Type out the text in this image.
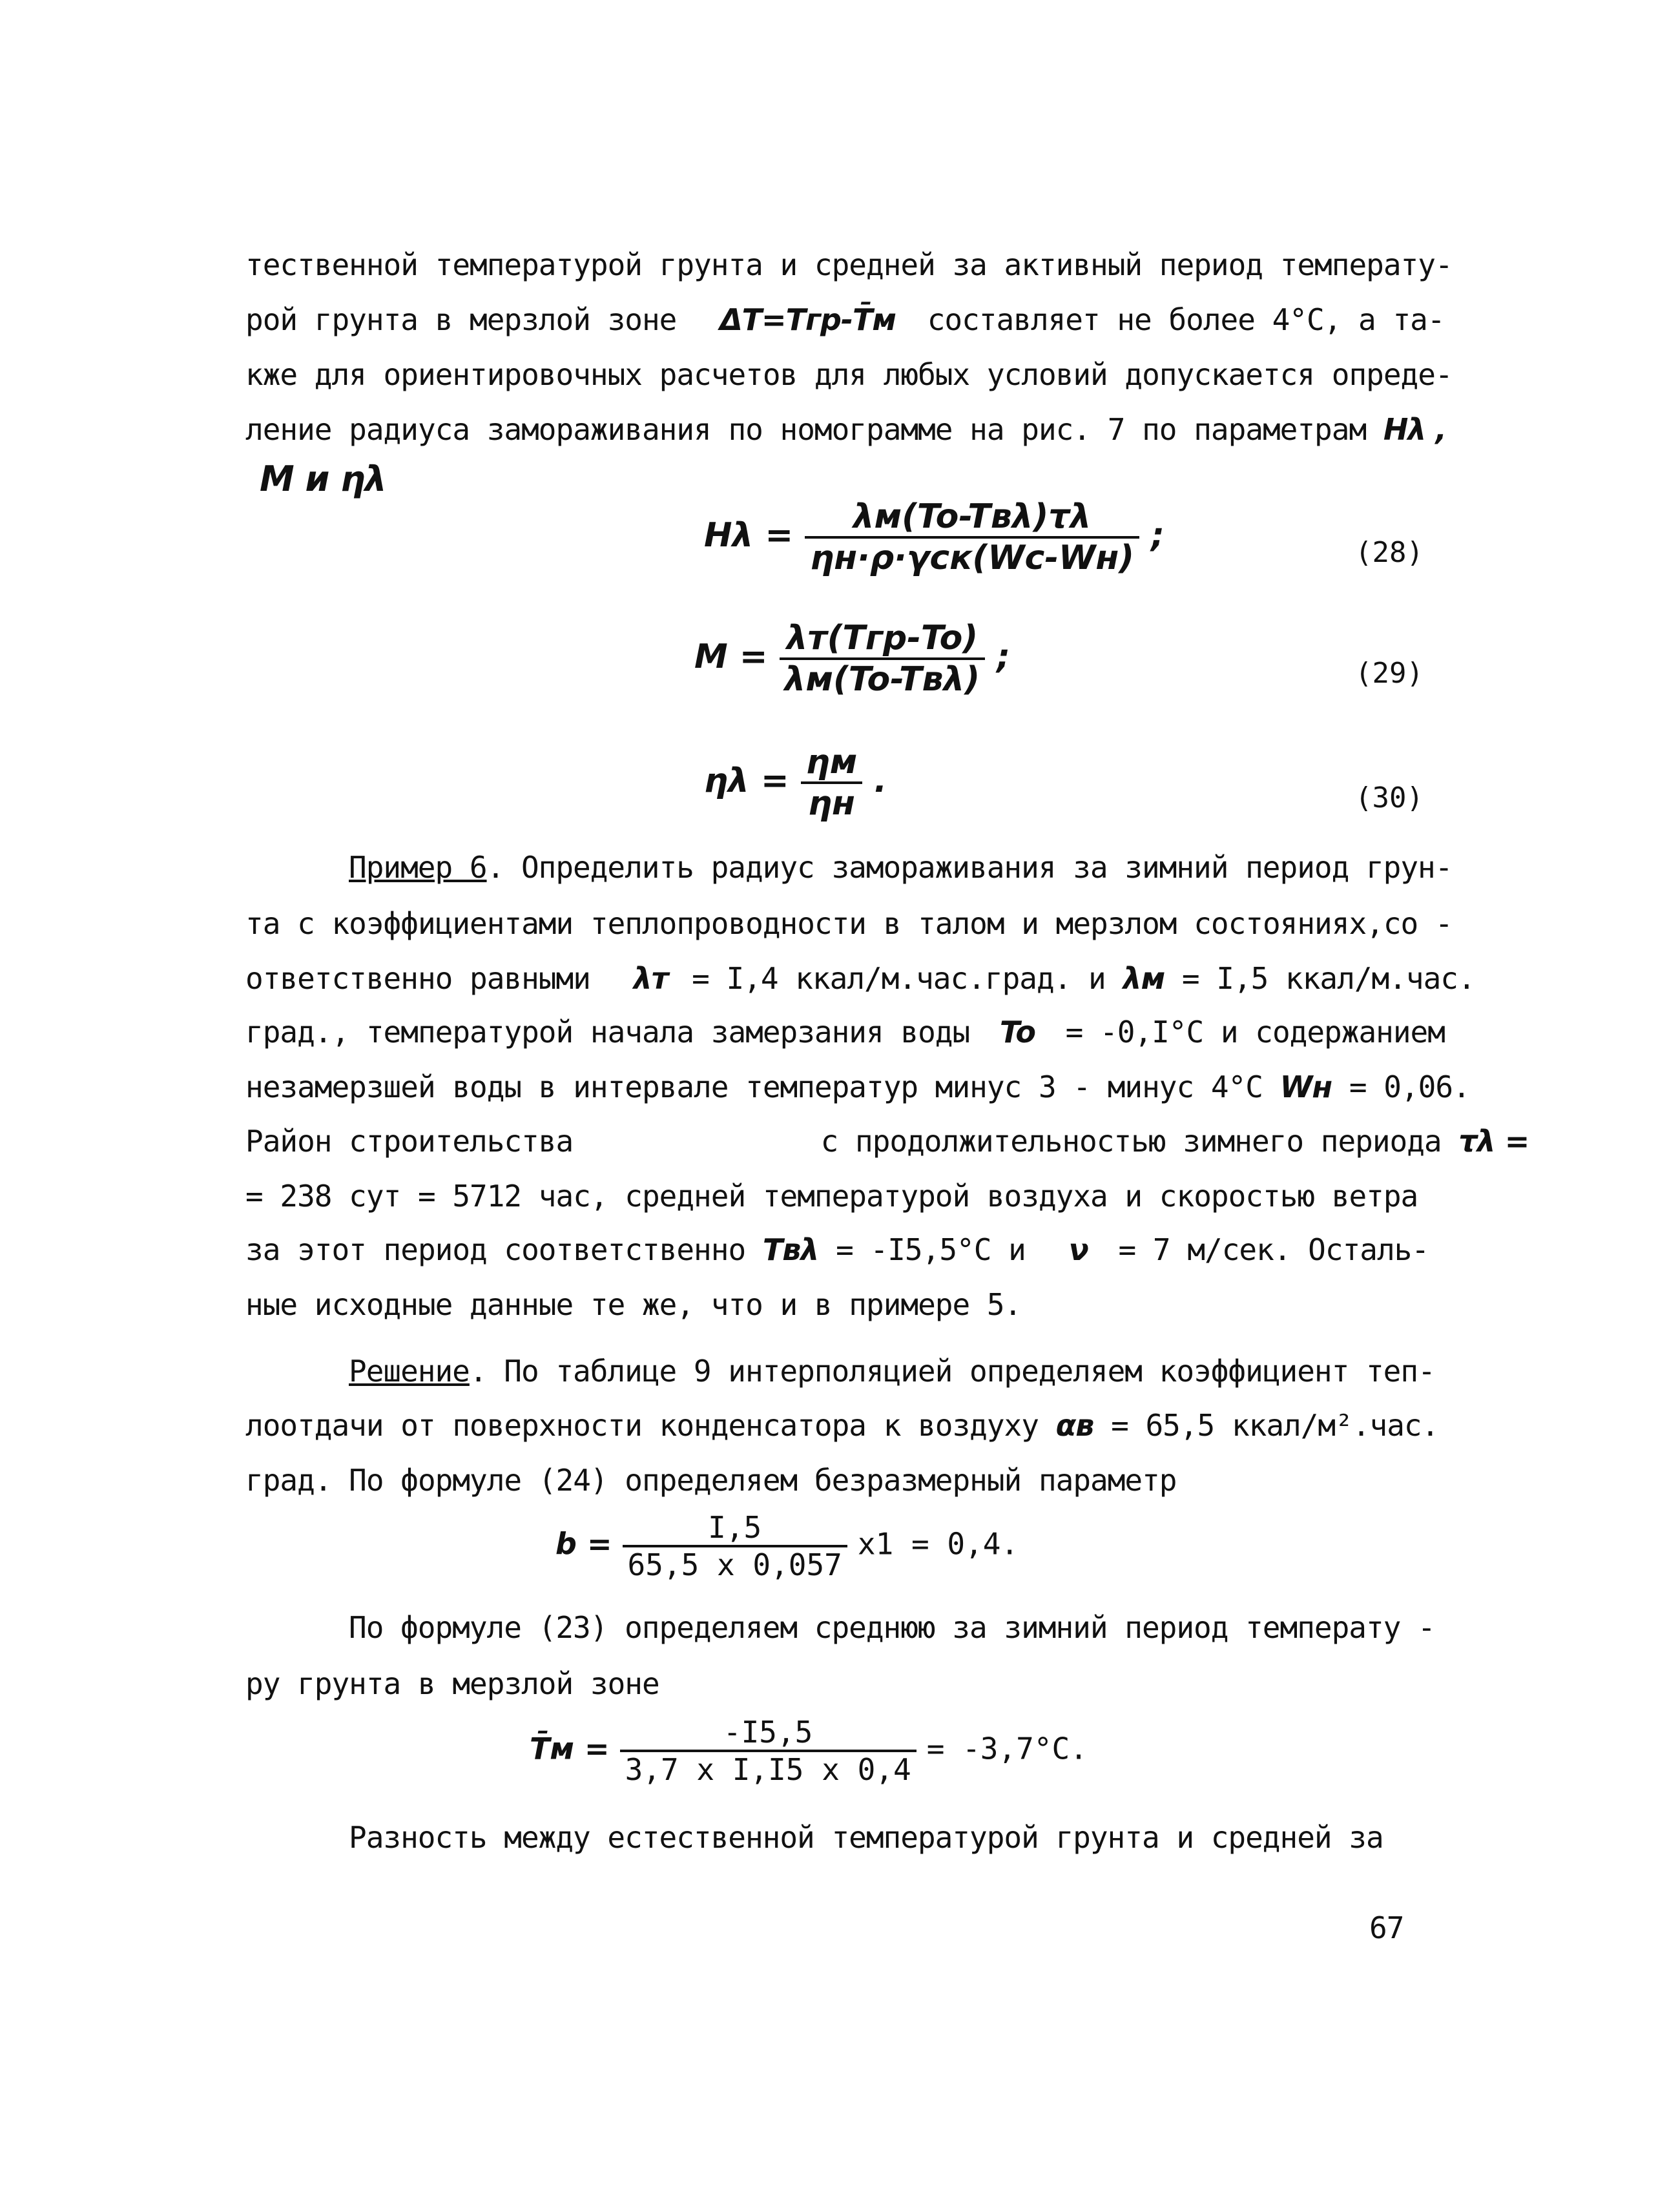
тественной температурой грунта и средней за активный период температу-
рой грунта в мерзлой зоне ΔT=Tгр-T̄м составляет не более 4°С, а та-
кже для ориентировочных расчетов для любых условий допускается опреде-
ление радиуса замораживания по номограмме на рис. 7 по параметрам Hλ ,
M и ηλ
$H\lambda = \frac{\text{λм(To-Tвλ)τλ}}{\text{ηн·ρ·γск(Wс-Wн)}}$ ;	(28)
$M = \frac{\text{λт(Tгр-To)}}{\text{λм(To-Tвλ)}}$ ;	(29)
$\eta\lambda = \frac{\eta м}{\eta н}$ .	(30)
Пример 6. Определить радиус замораживания за зимний период грун-
та с коэффициентами теплопроводности в талом и мерзлом состояниях,со -
ответственно равными λт = I,4 ккал/м.час.град. и λм = I,5 ккал/м.час.
град., температурой начала замерзания воды To = -0,I°С и содержанием
незамерзшей воды в интервале температур минус 3 - минус 4°С Wн = 0,06.
Район строительства	с продолжительностью зимнего периода τλ =
= 238 сут = 5712 час, средней температурой воздуха и скоростью ветра
за этот период соответственно Tвλ = -I5,5°С и ν = 7 м/сек. Осталь-
ные исходные данные те же, что и в примере 5.
Решение. По таблице 9 интерполяцией определяем коэффициент теп-
лоотдачи от поверхности конденсатора к воздуху αв = 65,5 ккал/м².час.
град. По формуле (24) определяем безразмерный параметр
$b = \frac{I,5}{65,5 x 0,057} x1 = 0,4$.
По формуле (23) определяем среднюю за зимний период температу -
ру грунта в мерзлой зоне
T̄м = $\frac{-I5,5}{\text{3,7 x I,I5 x 0,4}} = -3,7^\circ С$.
Разность между естественной температурой грунта и средней за
67
